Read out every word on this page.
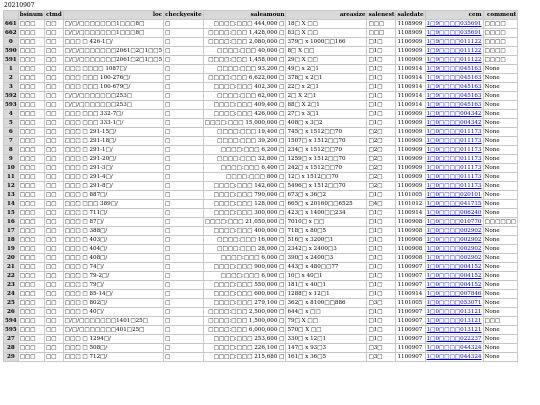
20210907
	bsinum	ctmd	loc	checkyesite	saleamoun	areasize	salenest	saledate	cem	comment
661	□□□	□□	□/□/□□□□□□□1□□□8□	□	□□□□:□□□ 444,000 □	18□ X □□	□□□	1108909	1□9□□□□035691	□□□□
662	□□□	□□	□/□/□□□□□□□1□□□8□	□	□□□□:□□□ 1,428,000 □	83□ X □□	□□□	1108909	1□9□□□□035691	□□□□
0	□□□	□□	□□□ □ 426-1□/	□	□□□□:□□□ 2,080,000 □	379□ x 1000□□166	□1□	1100909	1□9□□□□011122	□□□□
590	□□□	□□	□/□/□□□□□□□2061□2□1□□5	□	□□□□:□□□ 40,000 □	8□ X □□	□1□	1100909	1□9□□□□011122	□□□□
591	□□□	□□	□/□/□□□□□□□2061□2□1□□5	□	□□□□:□□□ 1,458,000 □	29□ X □□	□1□	1100909	1□9□□□□011122	□□□□
1	□□□	□□	□□□ □□□□ 1087□/	□	□□□□:□□□ 93,200 □	49□ x 2□1	□1□	1100914	1□9□□□□045163	None
2	□□□	□□	□□□ □□□ 100-276□/	□	□□□□:□□□ 6,622,000 □	378□ x 2□1	□1□	1100914	1□9□□□□045163	None
3	□□□	□□	□□□ □□□ 100-679□/	□	□□□□:□□□ 402,300 □	22□ x 2□1	□1□	1100914	1□9□□□□045163	None
592	□□□	□□	□/□/□□□□□□□253□	□	□□□□:□□□ 62,000 □	2□ X 2□1	□1□	1100914	1□9□□□□045163	None
593	□□□	□□	□/□/□□□□□□□253□	□	□□□□:□□□ 409,400 □	88□ X 2□1	□1□	1100914	1□9□□□□045163	None
4	□□□	□□	□□□ □□□ 332-7□/	□	□□□□:□□□ 426,000 □	27□ x 3□1	□1□	1100909	1□0□□□□004342	None
5	□□□	□□	□□□ □□□ 333-1□/	□	□□□□:□□□ 15,000,000 □	408□ x 3□2	□1□	1100909	1□0□□□□004342	None
6	□□□	□□	□□□ □ 291-15□/	□	□□□□:□□□ 19,400 □	745□ x 1512□□70	□2□	1100909	1□0□□□□011173	None
7	□□□	□□	□□□ □ 291-18□/	□	□□□□:□□□ 39,200 □	1507□ x 1512□□70	□2□	1100909	1□0□□□□011173	None
8	□□□	□□	□□□ □ 291-1□/	□	□□□□:□□□ 6,200 □	234□ x 1512□□70	□2□	1100909	1□0□□□□011173	None
9	□□□	□□	□□□ □ 291-20□/	□	□□□□:□□□ 32,800 □	1259□ x 1512□□70	□2□	1100909	1□0□□□□011173	None
10	□□□	□□	□□□ □ 291-3□/	□	□□□□:□□□ 6,400 □	242□ x 1512□□70	□2□	1100909	1□0□□□□011173	None
11	□□□	□□	□□□ □ 291-4□/	□	□□□□:□□□ 800 □	12□ x 1512□□70	□2□	1100909	1□0□□□□011173	None
12	□□□	□□	□□□ □ 291-8□/	□	□□□□:□□□ 142,600 □	5496□ x 1512□□70	□2□	1100909	1□0□□□□011173	None
13	□□□	□□	□□□ □ 887□/	□	□□□□:□□□ 790,000 □	673□ x 36□2	□1□	1101005	1□0□□□□020101	None
14	□□□	□□	□□□ □□□ 389□/	□	□□□□:□□□ 128,000 □	665□ x 20160□□6525	□4□	1101012	1□0□□□□041715	None
15	□□□	□□	□□□ □ 711□/	□	□□□□:□□□ 300,000 □	423□ x 1400□□234	□1□	1100914	1□0□□□□006240	None
16	□□□	□□	□□□ □ 87□/	□	□□□□:□□□ 21,050,000 □	7010□ x □□	□1□	1100908	1□0□□□□010770	□□□□□□
17	□□□	□□	□□□ □ 388□/	□	□□□□:□□□ 400,000 □	718□ x 80□5	□1□	1100908	1□0□□□□002902	None
18	□□□	□□	□□□ □ 403□/	□	□□□□:□□□ 16,000 □	516□ x 3200□1	□1□	1100908	1□0□□□□002902	None
19	□□□	□□	□□□ □ 404□/	□	□□□□:□□□ 28,000 □	2342□ x 2400□3	□1□	1100908	1□0□□□□002902	None
20	□□□	□□	□□□ □ 408□/	□	□□□□:□□□ 6,000 □	390□ x 2400□3	□1□	1100908	1□0□□□□002902	None
21	□□□	□□	□□□ □ 74□/	□	□□□□:□□□ 900,000 □	443□ x 480□□77	□1□	1100907	1□0□□□□004152	None
22	□□□	□□	□□□ □ 79-2□/	□	□□□□:□□□ 6,000 □	10□ x 40□1	□1□	1100907	1□0□□□□004152	None
23	□□□	□□	□□□ □ 79□/	□	□□□□:□□□ 550,000 □	181□ x 40□1	□1□	1100907	1□0□□□□004152	None
24	□□□	□□	□□□ □ 85-14□/	□	□□□□:□□□ 600,000 □	1288□ x 12□1	□1□	1100914	1□0□□□□007846	None
25	□□□	□□	□□□ □ 802□/	□	□□□□:□□□ 279,100 □	362□ x 8100□□886	□3□	1101005	1□0□□□□053071	None
26	□□□	□□	□□□ □ 40□/	□	□□□□:□□□ 2,500,000 □	644□ x □□	□1□	1100907	1□0□□□□013121	None
594	□□□	□□	□/□/□□□□□□□1401□25□	□	□□□□:□□□ 1,500,000 □	79□ X □□	□1□	1100907	1□0□□□□013121	□□□
595	□□□	□□	□/□/□□□□□□□401□25□	□	□□□□:□□□ 6,000,000 □	570□ X □□	□1□	1100907	1□0□□□□013121	None
27	□□□	□□	□□□ □ 1294□/	□	□□□□:□□□ 253,600 □	330□ x 12□1	□1□	1100907	1□0□□□□022237	None
28	□□□	□□	□□□ □ 508□/	□	□□□□:□□□ 226,100 □	147□ x 93□3	□3□	1100907	1□0□□□□044324	None
29	□□□	□□	□□□ □ 712□/	□	□□□□:□□□ 215,680 □	161□ x 36□5	□3□	1100907	1□0□□□□044324	None
